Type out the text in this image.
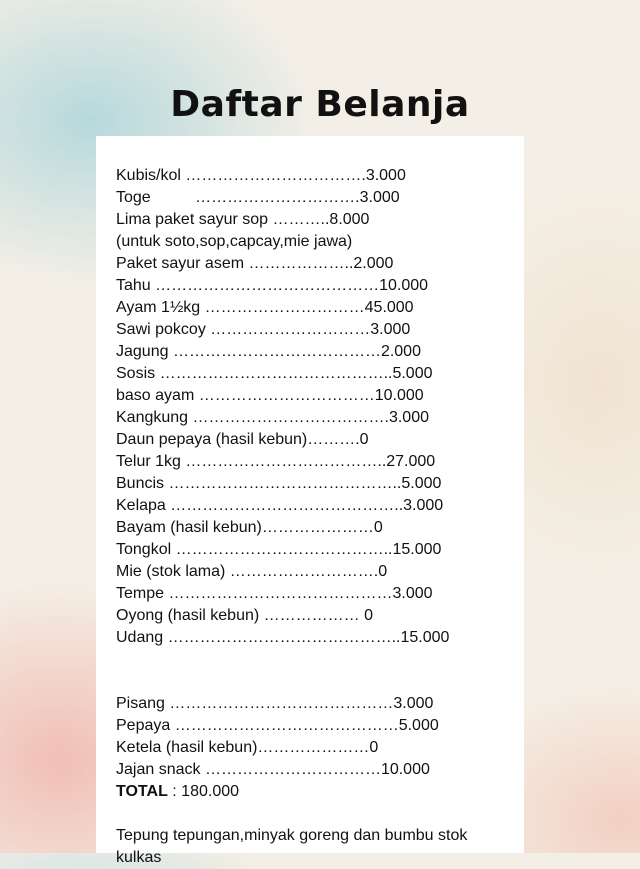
Daftar Belanja
Kubis/kol …………………………….3.000
Toge          ………………………….3.000
Lima paket sayur sop ………..8.000
(untuk soto,sop,capcay,mie jawa)
Paket sayur asem ………………..2.000
Tahu ……………………………………10.000
Ayam 1½kg …………………………45.000
Sawi pokcoy …………………………3.000
Jagung …………………………………2.000
Sosis ……………………………………..5.000
baso ayam ……………………………10.000
Kangkung ……………………………….3.000
Daun pepaya (hasil kebun)……….0
Telur 1kg ………………………………..27.000
Buncis ……………………………………..5.000
Kelapa ……………………………………..3.000
Bayam (hasil kebun)…………………0
Tongkol …………………………………..15.000
Mie (stok lama) ……………………….0
Tempe ……………………………………3.000
Oyong (hasil kebun) ……………… 0
Udang ……………………………………..15.000
Pisang ……………………………………3.000
Pepaya ……………………………………5.000
Ketela (hasil kebun)…………………0
Jajan snack ……………………………10.000
TOTAL : 180.000
Tepung tepungan,minyak goreng dan bumbu stok kulkas
